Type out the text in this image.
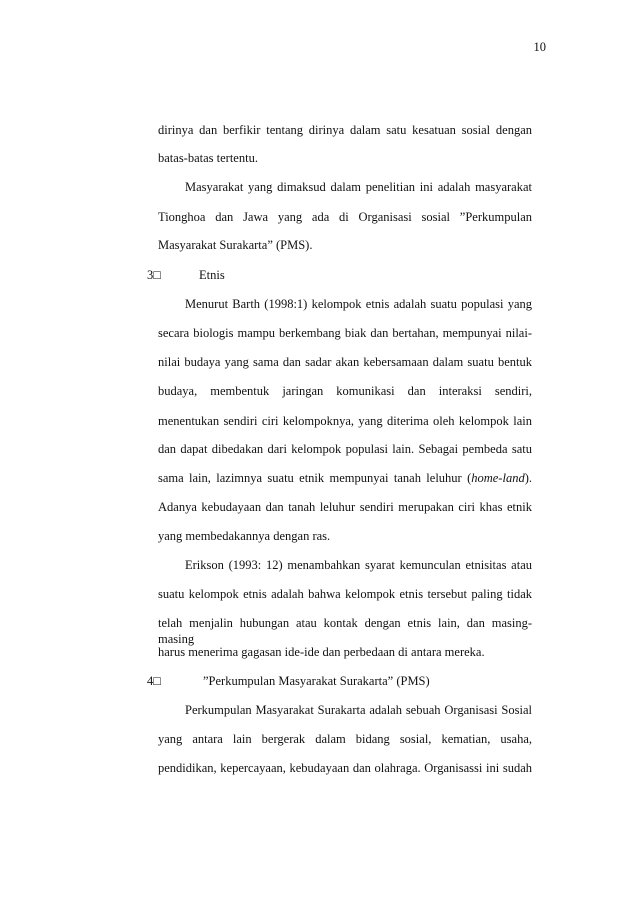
10
dirinya dan berfikir tentang dirinya dalam satu kesatuan sosial dengan
batas-batas tertentu.
Masyarakat yang dimaksud dalam penelitian ini adalah masyarakat
Tionghoa dan Jawa yang ada di Organisasi sosial ”Perkumpulan
Masyarakat Surakarta” (PMS).
3□	Etnis
Menurut Barth (1998:1) kelompok etnis adalah suatu populasi yang
secara biologis mampu berkembang biak dan bertahan, mempunyai nilai-
nilai budaya yang sama dan sadar akan kebersamaan dalam suatu bentuk
budaya, membentuk jaringan komunikasi dan interaksi sendiri,
menentukan sendiri ciri kelompoknya, yang diterima oleh kelompok lain
dan dapat dibedakan dari kelompok populasi lain. Sebagai pembeda satu
sama lain, lazimnya suatu etnik mempunyai tanah leluhur (home-land).
Adanya kebudayaan dan tanah leluhur sendiri merupakan ciri khas etnik
yang membedakannya dengan ras.
Erikson (1993: 12) menambahkan syarat kemunculan etnisitas atau
suatu kelompok etnis adalah bahwa kelompok etnis tersebut paling tidak
telah menjalin hubungan atau kontak dengan etnis lain, dan masing-masing
harus menerima gagasan ide-ide dan perbedaan di antara mereka.
4□	”Perkumpulan Masyarakat Surakarta” (PMS)
Perkumpulan Masyarakat Surakarta adalah sebuah Organisasi Sosial
yang antara lain bergerak dalam bidang sosial, kematian, usaha,
pendidikan, kepercayaan, kebudayaan dan olahraga. Organisassi ini sudah
